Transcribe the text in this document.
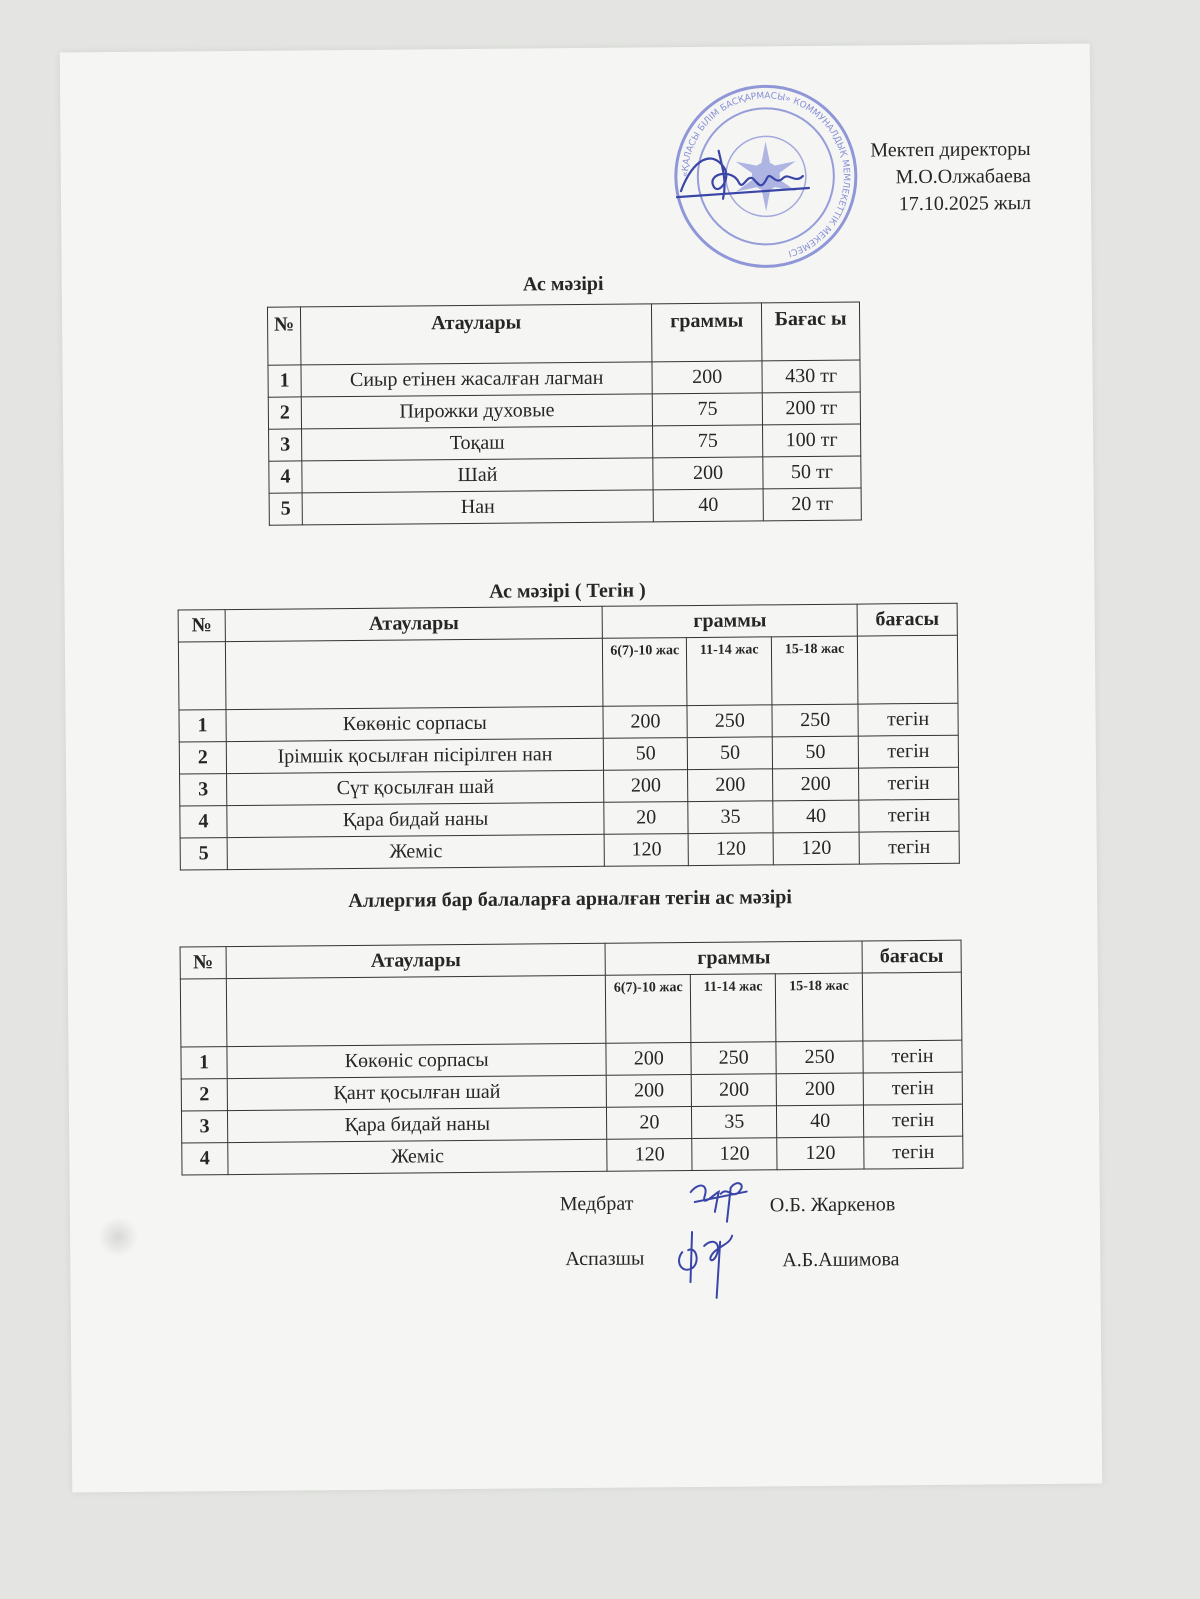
«ҚАЛАСЫ БІЛІМ БАСҚАРМАСЫ» КОММУНАЛДЫҚ МЕМЛЕКЕТТІК МЕКЕМЕСІ
Мектеп директоры
М.О.Олжабаева
17.10.2025 жыл
Ас мәзірі
№	Атаулары	граммы	Бағас ы
1	Сиыр етінен жасалған лагман	200	430 тг
2	Пирожки духовые	75	200 тг
3	Тоқаш	75	100 тг
4	Шай	200	50 тг
5	Нан	40	20 тг
Ас мәзірі ( Тегін )
№	Атаулары	граммы			бағасы
		6(7)-10 жас	11-14 жас	15-18 жас	
1	Көкөніс сорпасы	200	250	250	тегін
2	Ірімшік қосылған пісірілген нан	50	50	50	тегін
3	Сүт қосылған шай	200	200	200	тегін
4	Қара бидай наны	20	35	40	тегін
5	Жеміс	120	120	120	тегін
Аллергия бар балаларға арналған тегін ас мәзірі
№	Атаулары	граммы			бағасы
		6(7)-10 жас	11-14 жас	15-18 жас	
1	Көкөніс сорпасы	200	250	250	тегін
2	Қант қосылған шай	200	200	200	тегін
3	Қара бидай наны	20	35	40	тегін
4	Жеміс	120	120	120	тегін
Медбрат	О.Б. Жаркенов
Аспазшы	А.Б.Ашимова
